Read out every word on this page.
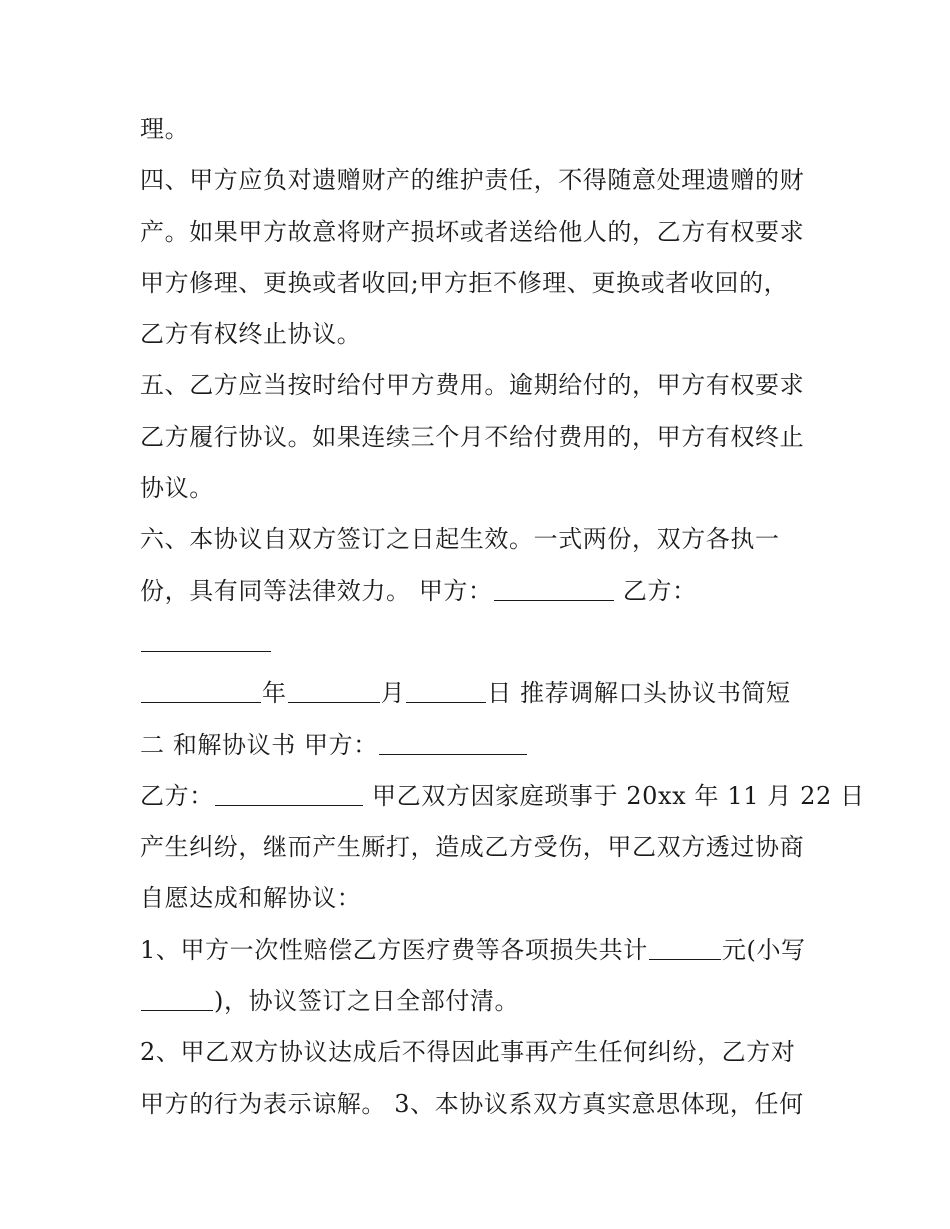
理。
四、甲方应负对遗赠财产的维护责任，不得随意处理遗赠的财
产。如果甲方故意将财产损坏或者送给他人的，乙方有权要求
甲方修理、更换或者收回;甲方拒不修理、更换或者收回的，
乙方有权终止协议。
五、乙方应当按时给付甲方费用。逾期给付的，甲方有权要求
乙方履行协议。如果连续三个月不给付费用的，甲方有权终止
协议。
六、本协议自双方签订之日起生效。一式两份，双方各执一
份，具有同等法律效力。 甲方：	乙方：
年	月	日 推荐调解口头协议书简短
二 和解协议书 甲方：
乙方：	甲乙双方因家庭琐事于 20xx 年 11 月 22 日
产生纠纷，继而产生厮打，造成乙方受伤，甲乙双方透过协商
自愿达成和解协议：
1、甲方一次性赔偿乙方医疗费等各项损失共计	元(小写
)，协议签订之日全部付清。
2、甲乙双方协议达成后不得因此事再产生任何纠纷，乙方对
甲方的行为表示谅解。 3、本协议系双方真实意思体现，任何
